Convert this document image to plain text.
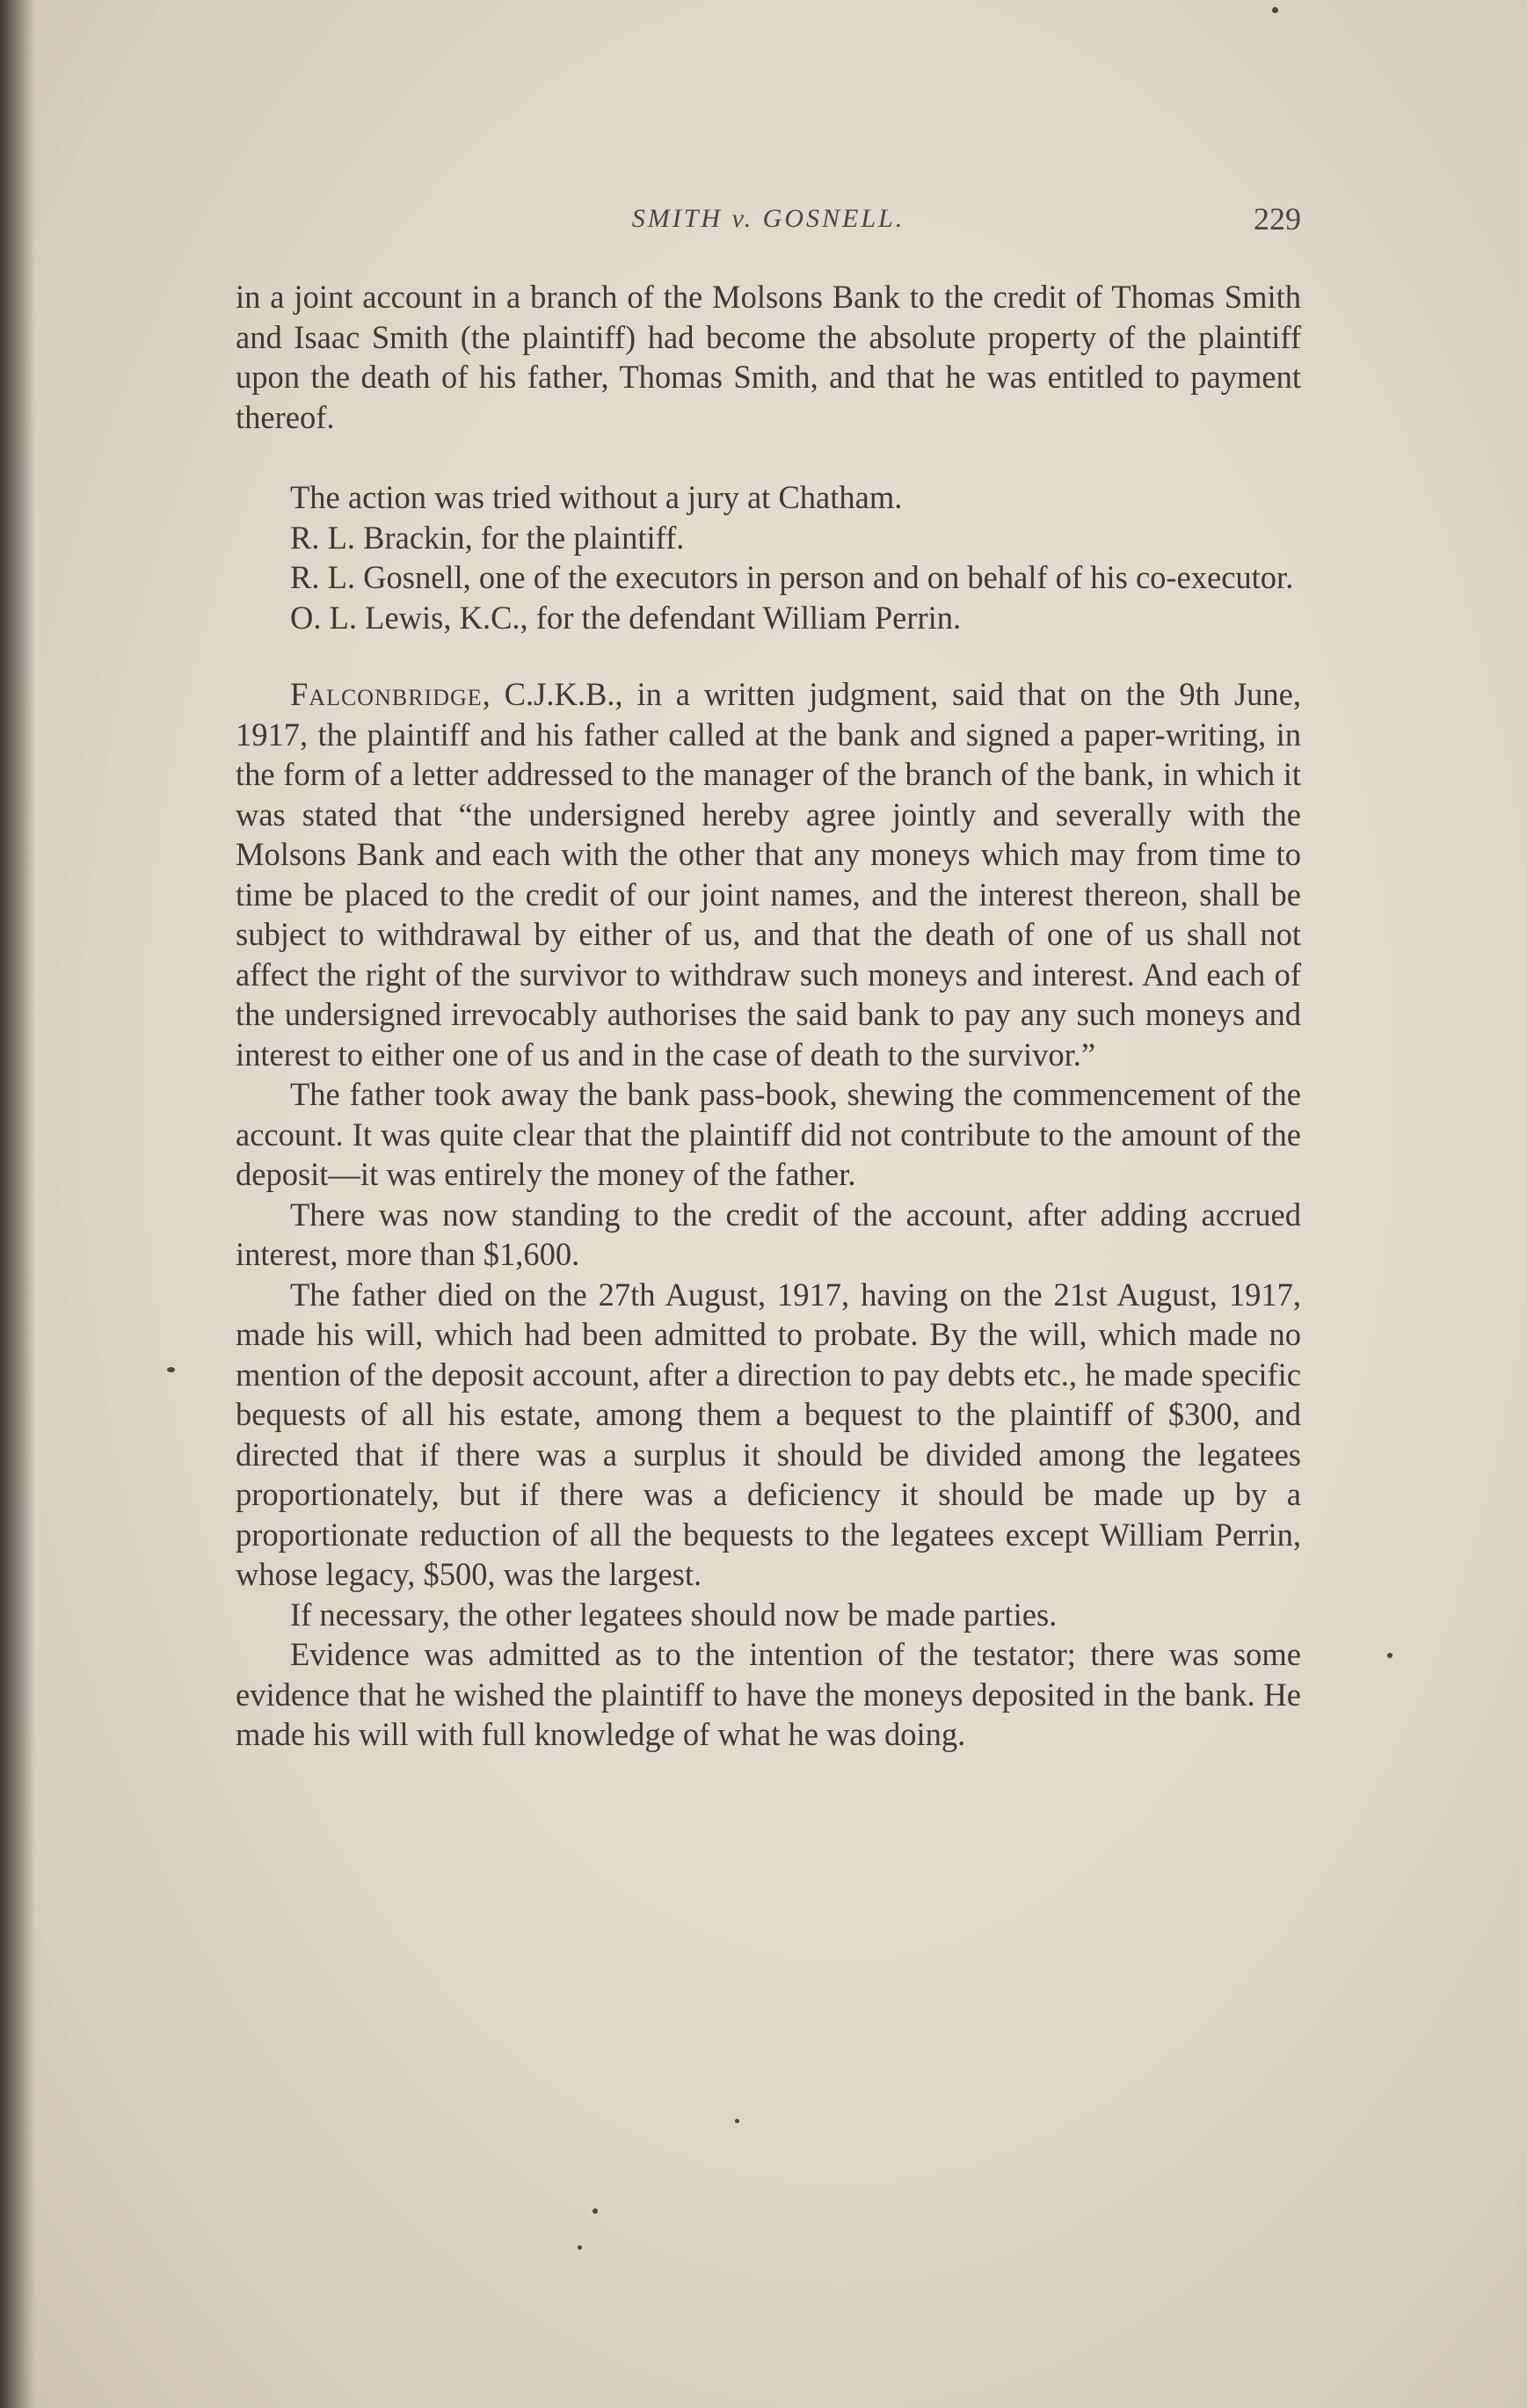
SMITH v. GOSNELL.	229

in a joint account in a branch of the Molsons Bank to the credit of Thomas Smith and Isaac Smith (the plaintiff) had become the absolute property of the plaintiff upon the death of his father, Thomas Smith, and that he was entitled to payment thereof.

The action was tried without a jury at Chatham.

R. L. Brackin, for the plaintiff.

R. L. Gosnell, one of the executors in person and on behalf of his co-executor.

O. L. Lewis, K.C., for the defendant William Perrin.

Falconbridge, C.J.K.B., in a written judgment, said that on the 9th June, 1917, the plaintiff and his father called at the bank and signed a paper-writing, in the form of a letter addressed to the manager of the branch of the bank, in which it was stated that “the undersigned hereby agree jointly and severally with the Molsons Bank and each with the other that any moneys which may from time to time be placed to the credit of our joint names, and the interest thereon, shall be subject to withdrawal by either of us, and that the death of one of us shall not affect the right of the survivor to withdraw such moneys and interest. And each of the undersigned irrevocably authorises the said bank to pay any such moneys and interest to either one of us and in the case of death to the survivor.”

The father took away the bank pass-book, shewing the commencement of the account. It was quite clear that the plaintiff did not contribute to the amount of the deposit—it was entirely the money of the father.

There was now standing to the credit of the account, after adding accrued interest, more than $1,600.

The father died on the 27th August, 1917, having on the 21st August, 1917, made his will, which had been admitted to probate. By the will, which made no mention of the deposit account, after a direction to pay debts etc., he made specific bequests of all his estate, among them a bequest to the plaintiff of $300, and directed that if there was a surplus it should be divided among the legatees proportionately, but if there was a deficiency it should be made up by a proportionate reduction of all the bequests to the legatees except William Perrin, whose legacy, $500, was the largest.

If necessary, the other legatees should now be made parties.

Evidence was admitted as to the intention of the testator; there was some evidence that he wished the plaintiff to have the moneys deposited in the bank. He made his will with full knowledge of what he was doing.
